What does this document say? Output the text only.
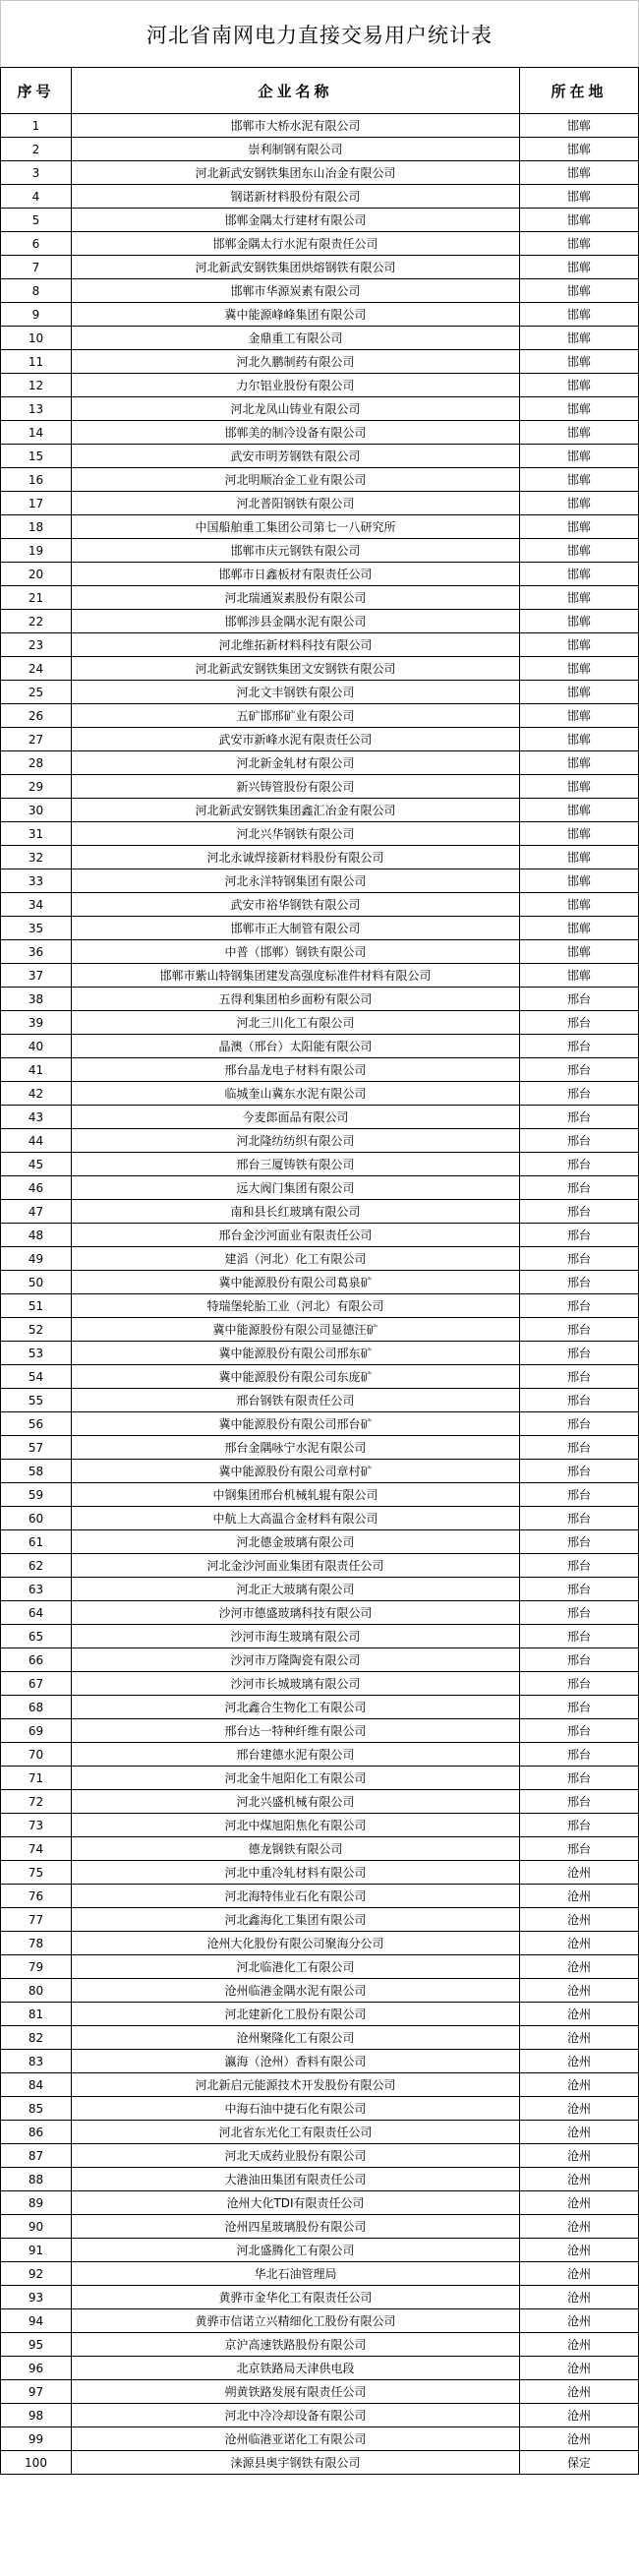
河北省南网电力直接交易用户统计表
序号	企业名称	所在地
1	邯郸市大桥水泥有限公司	邯郸
2	崇利制钢有限公司	邯郸
3	河北新武安钢铁集团东山冶金有限公司	邯郸
4	钢诺新材料股份有限公司	邯郸
5	邯郸金隅太行建材有限公司	邯郸
6	邯郸金隅太行水泥有限责任公司	邯郸
7	河北新武安钢铁集团烘熔钢铁有限公司	邯郸
8	邯郸市华源炭素有限公司	邯郸
9	冀中能源峰峰集团有限公司	邯郸
10	金鼎重工有限公司	邯郸
11	河北久鹏制药有限公司	邯郸
12	力尔铝业股份有限公司	邯郸
13	河北龙凤山铸业有限公司	邯郸
14	邯郸美的制冷设备有限公司	邯郸
15	武安市明芳钢铁有限公司	邯郸
16	河北明顺冶金工业有限公司	邯郸
17	河北普阳钢铁有限公司	邯郸
18	中国船舶重工集团公司第七一八研究所	邯郸
19	邯郸市庆元钢铁有限公司	邯郸
20	邯郸市日鑫板材有限责任公司	邯郸
21	河北瑞通炭素股份有限公司	邯郸
22	邯郸涉县金隅水泥有限公司	邯郸
23	河北维拓新材料科技有限公司	邯郸
24	河北新武安钢铁集团文安钢铁有限公司	邯郸
25	河北文丰钢铁有限公司	邯郸
26	五矿邯邢矿业有限公司	邯郸
27	武安市新峰水泥有限责任公司	邯郸
28	河北新金轧材有限公司	邯郸
29	新兴铸管股份有限公司	邯郸
30	河北新武安钢铁集团鑫汇冶金有限公司	邯郸
31	河北兴华钢铁有限公司	邯郸
32	河北永诚焊接新材料股份有限公司	邯郸
33	河北永洋特钢集团有限公司	邯郸
34	武安市裕华钢铁有限公司	邯郸
35	邯郸市正大制管有限公司	邯郸
36	中普（邯郸）钢铁有限公司	邯郸
37	邯郸市紫山特钢集团建发高强度标准件材料有限公司	邯郸
38	五得利集团柏乡面粉有限公司	邢台
39	河北三川化工有限公司	邢台
40	晶澳（邢台）太阳能有限公司	邢台
41	邢台晶龙电子材料有限公司	邢台
42	临城奎山冀东水泥有限公司	邢台
43	今麦郎面品有限公司	邢台
44	河北隆纺纺织有限公司	邢台
45	邢台三厦铸铁有限公司	邢台
46	远大阀门集团有限公司	邢台
47	南和县长红玻璃有限公司	邢台
48	邢台金沙河面业有限责任公司	邢台
49	建滔（河北）化工有限公司	邢台
50	冀中能源股份有限公司葛泉矿	邢台
51	特瑞堡轮胎工业（河北）有限公司	邢台
52	冀中能源股份有限公司显德汪矿	邢台
53	冀中能源股份有限公司邢东矿	邢台
54	冀中能源股份有限公司东庞矿	邢台
55	邢台钢铁有限责任公司	邢台
56	冀中能源股份有限公司邢台矿	邢台
57	邢台金隅咏宁水泥有限公司	邢台
58	冀中能源股份有限公司章村矿	邢台
59	中钢集团邢台机械轧辊有限公司	邢台
60	中航上大高温合金材料有限公司	邢台
61	河北德金玻璃有限公司	邢台
62	河北金沙河面业集团有限责任公司	邢台
63	河北正大玻璃有限公司	邢台
64	沙河市德盛玻璃科技有限公司	邢台
65	沙河市海生玻璃有限公司	邢台
66	沙河市万隆陶瓷有限公司	邢台
67	沙河市长城玻璃有限公司	邢台
68	河北鑫合生物化工有限公司	邢台
69	邢台达一特种纤维有限公司	邢台
70	邢台建德水泥有限公司	邢台
71	河北金牛旭阳化工有限公司	邢台
72	河北兴盛机械有限公司	邢台
73	河北中煤旭阳焦化有限公司	邢台
74	德龙钢铁有限公司	邢台
75	河北中重冷轧材料有限公司	沧州
76	河北海特伟业石化有限公司	沧州
77	河北鑫海化工集团有限公司	沧州
78	沧州大化股份有限公司聚海分公司	沧州
79	河北临港化工有限公司	沧州
80	沧州临港金隅水泥有限公司	沧州
81	河北建新化工股份有限公司	沧州
82	沧州聚隆化工有限公司	沧州
83	瀛海（沧州）香料有限公司	沧州
84	河北新启元能源技术开发股份有限公司	沧州
85	中海石油中捷石化有限公司	沧州
86	河北省东光化工有限责任公司	沧州
87	河北天成药业股份有限公司	沧州
88	大港油田集团有限责任公司	沧州
89	沧州大化TDI有限责任公司	沧州
90	沧州四星玻璃股份有限公司	沧州
91	河北盛腾化工有限公司	沧州
92	华北石油管理局	沧州
93	黄骅市金华化工有限责任公司	沧州
94	黄骅市信诺立兴精细化工股份有限公司	沧州
95	京沪高速铁路股份有限公司	沧州
96	北京铁路局天津供电段	沧州
97	朔黄铁路发展有限责任公司	沧州
98	河北中冷冷却设备有限公司	沧州
99	沧州临港亚诺化工有限公司	沧州
100	涞源县奥宇钢铁有限公司	保定
